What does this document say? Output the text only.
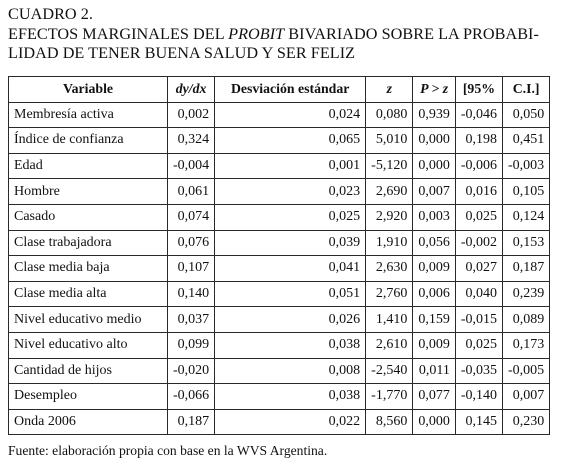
CUADRO 2.
EFECTOS MARGINALES DEL PROBIT BIVARIADO SOBRE LA PROBABI-
LIDAD DE TENER BUENA SALUD Y SER FELIZ
Variable	dy/dx	Desviación estándar	z	P > z	[95%	C.I.]
Membresía activa	0,002	0,024	0,080	0,939	-0,046	0,050
Índice de confianza	0,324	0,065	5,010	0,000	0,198	0,451
Edad	-0,004	0,001	-5,120	0,000	-0,006	-0,003
Hombre	0,061	0,023	2,690	0,007	0,016	0,105
Casado	0,074	0,025	2,920	0,003	0,025	0,124
Clase trabajadora	0,076	0,039	1,910	0,056	-0,002	0,153
Clase media baja	0,107	0,041	2,630	0,009	0,027	0,187
Clase media alta	0,140	0,051	2,760	0,006	0,040	0,239
Nivel educativo medio	0,037	0,026	1,410	0,159	-0,015	0,089
Nivel educativo alto	0,099	0,038	2,610	0,009	0,025	0,173
Cantidad de hijos	-0,020	0,008	-2,540	0,011	-0,035	-0,005
Desempleo	-0,066	0,038	-1,770	0,077	-0,140	0,007
Onda 2006	0,187	0,022	8,560	0,000	0,145	0,230
Fuente: elaboración propia con base en la WVS Argentina.
